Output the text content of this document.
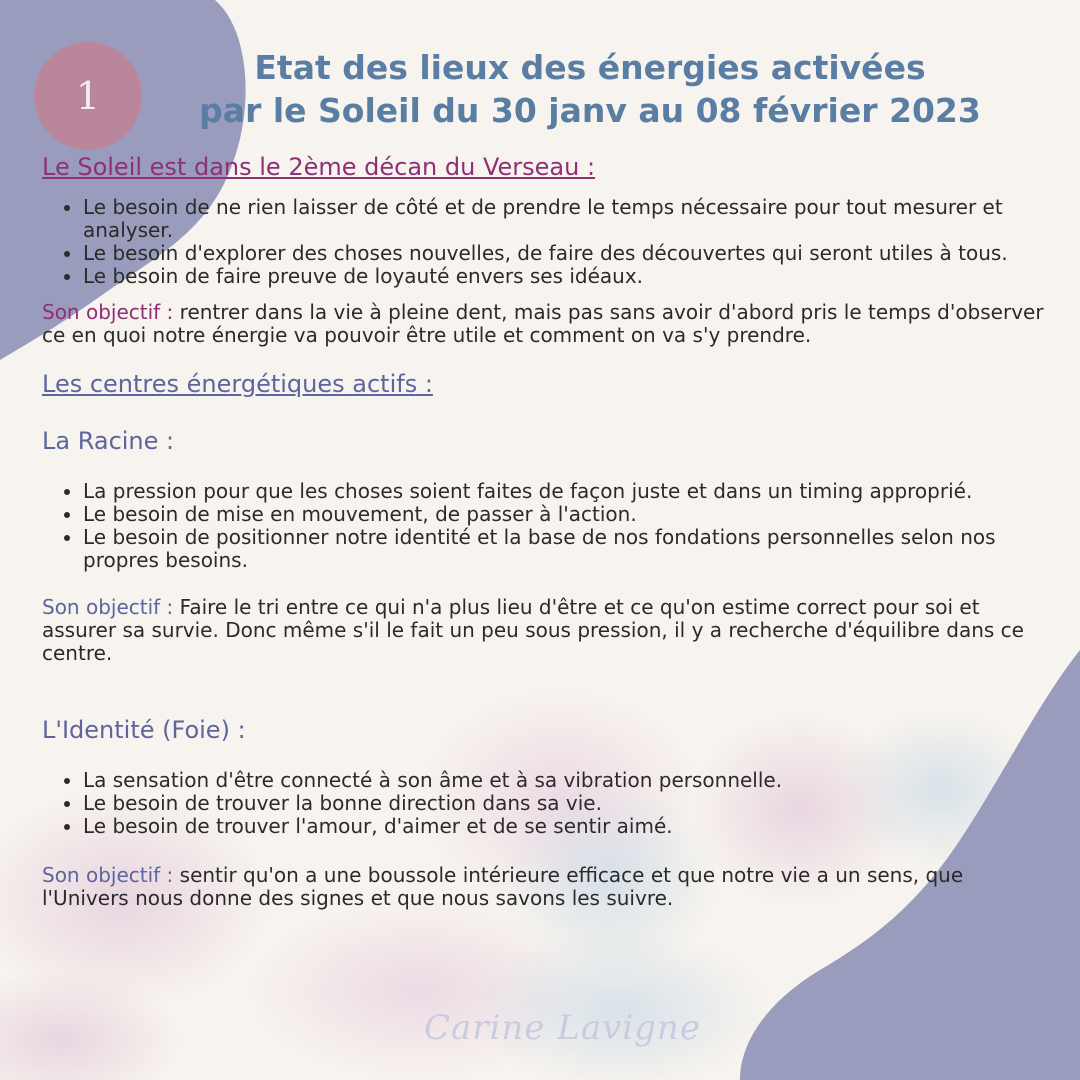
1
Etat des lieux des énergies activées
par le Soleil du 30 janv au 08 février 2023
Le Soleil est dans le 2ème décan du Verseau :
• Le besoin de ne rien laisser de côté et de prendre le temps nécessaire pour tout mesurer et analyser.
• Le besoin d'explorer des choses nouvelles, de faire des découvertes qui seront utiles à tous.
• Le besoin de faire preuve de loyauté envers ses idéaux.

Son objectif : rentrer dans la vie à pleine dent, mais pas sans avoir d'abord pris le temps d'observer ce en quoi notre énergie va pouvoir être utile et comment on va s'y prendre.

Les centres énergétiques actifs :
La Racine :
• La pression pour que les choses soient faites de façon juste et dans un timing approprié.
• Le besoin de mise en mouvement, de passer à l'action.
• Le besoin de positionner notre identité et la base de nos fondations personnelles selon nos propres besoins.

Son objectif : Faire le tri entre ce qui n'a plus lieu d'être et ce qu'on estime correct pour soi et assurer sa survie. Donc même s'il le fait un peu sous pression, il y a recherche d'équilibre dans ce centre.

L'Identité (Foie) :
• La sensation d'être connecté à son âme et à sa vibration personnelle.
• Le besoin de trouver la bonne direction dans sa vie.
• Le besoin de trouver l'amour, d'aimer et de se sentir aimé.

Son objectif : sentir qu'on a une boussole intérieure efficace et que notre vie a un sens, que l'Univers nous donne des signes et que nous savons les suivre.

Carine Lavigne
